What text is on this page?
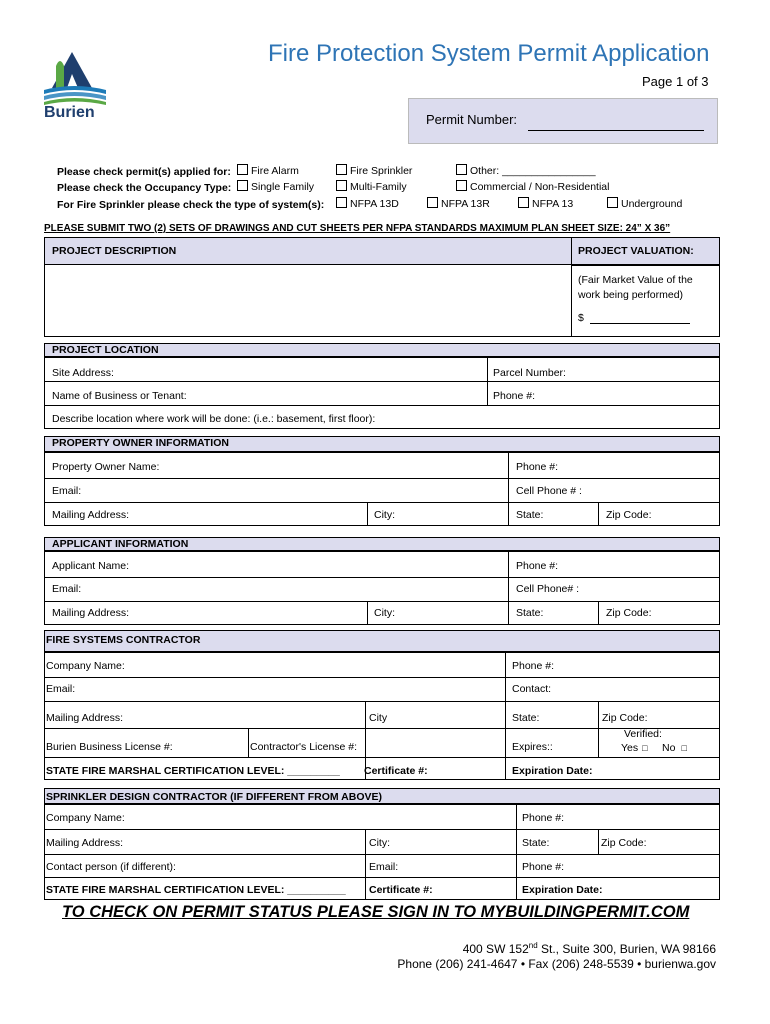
Burien
Fire Protection System Permit Application
Page 1 of 3
Permit Number:
Please check permit(s) applied for:	Fire Alarm	Fire Sprinkler	Other: ________________
Please check the Occupancy Type:	Single Family	Multi-Family	Commercial / Non-Residential
For Fire Sprinkler please check the type of system(s):	NFPA 13D	NFPA 13R	NFPA 13	Underground
PLEASE SUBMIT TWO (2) SETS OF DRAWINGS AND CUT SHEETS PER NFPA STANDARDS MAXIMUM PLAN SHEET SIZE: 24” X 36”
PROJECT DESCRIPTION	PROJECT VALUATION:
(Fair Market Value of the
work being performed)
$
PROJECT LOCATION
Site Address:	Parcel Number:
Name of Business or Tenant:	Phone #:
Describe location where work will be done: (i.e.: basement, first floor):
PROPERTY OWNER INFORMATION
Property Owner Name:	Phone #:
Email:	Cell Phone # :
Mailing Address:	City:	State:	Zip Code:
APPLICANT INFORMATION
Applicant Name:	Phone #:
Email:	Cell Phone# :
Mailing Address:	City:	State:	Zip Code:
FIRE SYSTEMS CONTRACTOR
Company Name:	Phone #:
Email:	Contact:
Mailing Address:	City	State:	Zip Code:
Burien Business License #:	Contractor's License #:	Expires::
Verified:
Yes □ No □
STATE FIRE MARSHAL CERTIFICATION LEVEL: _________ Certificate #:	Expiration Date:
SPRINKLER DESIGN CONTRACTOR (IF DIFFERENT FROM ABOVE)
Company Name:	Phone #:
Mailing Address:	City:	State:	Zip Code:
Contact person (if different):	Email:	Phone #:
STATE FIRE MARSHAL CERTIFICATION LEVEL: __________ Certificate #:	Expiration Date:
TO CHECK ON PERMIT STATUS PLEASE SIGN IN TO MYBUILDINGPERMIT.COM
400 SW 152nd St., Suite 300, Burien, WA 98166
Phone (206) 241-4647 • Fax (206) 248-5539 • burienwa.gov
